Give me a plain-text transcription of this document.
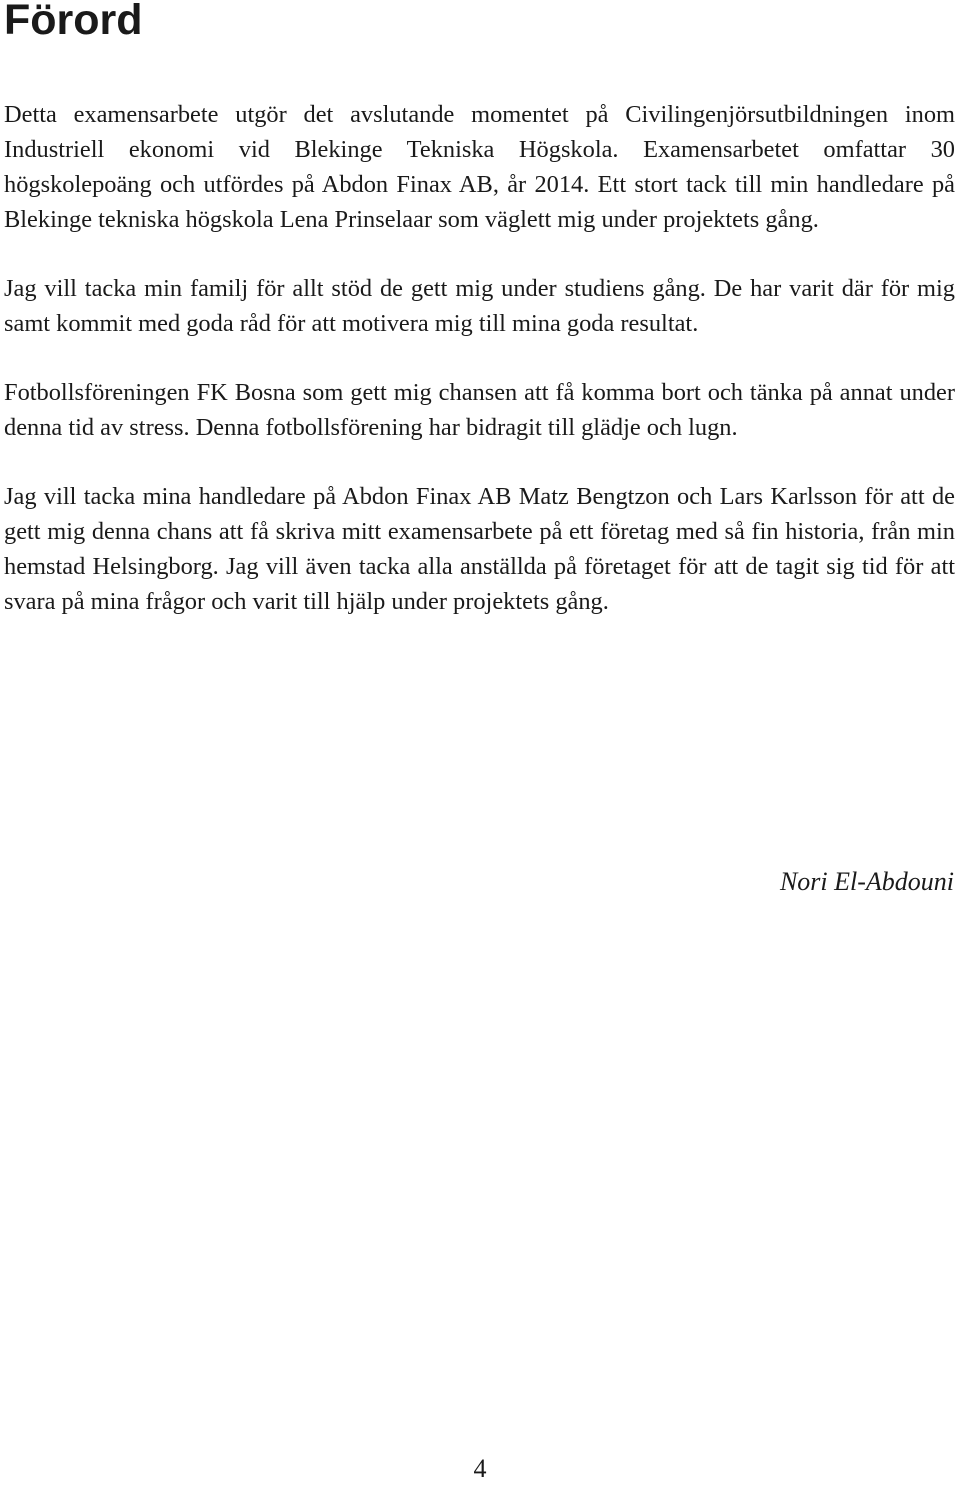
Förord

Detta examensarbete utgör det avslutande momentet på Civilingenjörsutbildningen inom Industriell ekonomi vid Blekinge Tekniska Högskola. Examensarbetet omfattar 30 högskolepoäng och utfördes på Abdon Finax AB, år 2014. Ett stort tack till min handledare på Blekinge tekniska högskola Lena Prinselaar som väglett mig under projektets gång.

Jag vill tacka min familj för allt stöd de gett mig under studiens gång. De har varit där för mig samt kommit med goda råd för att motivera mig till mina goda resultat.

Fotbollsföreningen FK Bosna som gett mig chansen att få komma bort och tänka på annat under denna tid av stress. Denna fotbollsförening har bidragit till glädje och lugn.

Jag vill tacka mina handledare på Abdon Finax AB Matz Bengtzon och Lars Karlsson för att de gett mig denna chans att få skriva mitt examensarbete på ett företag med så fin historia, från min hemstad Helsingborg. Jag vill även tacka alla anställda på företaget för att de tagit sig tid för att svara på mina frågor och varit till hjälp under projektets gång.

Nori El-Abdouni

4
